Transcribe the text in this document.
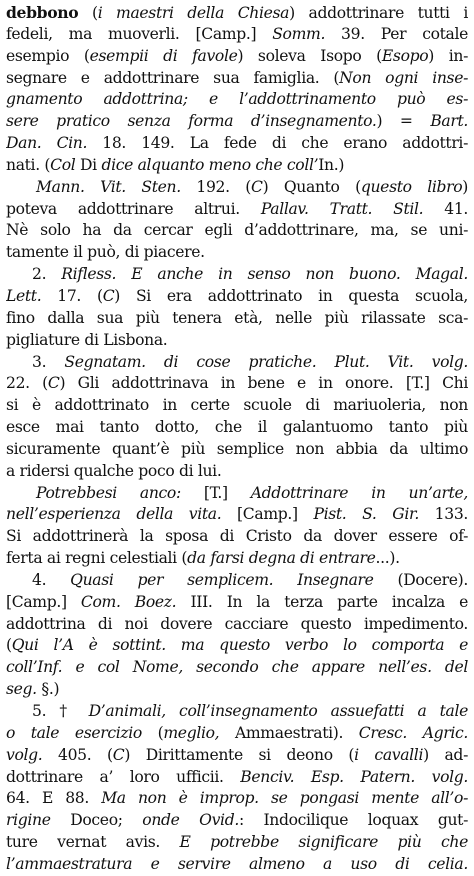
debbono (i maestri della Chiesa) addottrinare tutti i
fedeli, ma muoverli. [Camp.] Somm. 39. Per cotale
esempio (esempii di favole) soleva Isopo (Esopo) in-
segnare e addottrinare sua famiglia. (Non ogni inse-
gnamento addottrina; e l’addottrinamento può es-
sere pratico senza forma d’insegnamento.) = Bart.
Dan. Cin. 18. 149. La fede di che erano addottri-
nati. (Col Di dice alquanto meno che coll’In.)
Mann. Vit. Sten. 192. (C) Quanto (questo libro)
poteva addottrinare altrui. Pallav. Tratt. Stil. 41.
Nè solo ha da cercar egli d’addottrinare, ma, se uni-
tamente il può, di piacere.
2. Rifless. E anche in senso non buono. Magal.
Lett. 17. (C) Si era addottrinato in questa scuola,
fino dalla sua più tenera età, nelle più rilassate sca-
pigliature di Lisbona.
3. Segnatam. di cose pratiche. Plut. Vit. volg.
22. (C) Gli addottrinava in bene e in onore. [T.] Chi
si è addottrinato in certe scuole di mariuoleria, non
esce mai tanto dotto, che il galantuomo tanto più
sicuramente quant’è più semplice non abbia da ultimo
a ridersi qualche poco di lui.
Potrebbesi anco: [T.] Addottrinare in un’arte,
nell’esperienza della vita. [Camp.] Pist. S. Gir. 133.
Si addottrinerà la sposa di Cristo da dover essere of-
ferta ai regni celestiali (da farsi degna di entrare...).
4. Quasi per semplicem. Insegnare (Docere).
[Camp.] Com. Boez. III. In la terza parte incalza e
addottrina di noi dovere cacciare questo impedimento.
(Qui l’A è sottint. ma questo verbo lo comporta e
coll’Inf. e col Nome, secondo che appare nell’es. del
seg. §.)
5. † D’animali, coll’insegnamento assuefatti a tale
o tale esercizio (meglio, Ammaestrati). Cresc. Agric.
volg. 405. (C) Dirittamente si deono (i cavalli) ad-
dottrinare a’ loro ufficii. Benciv. Esp. Patern. volg.
64. E 88. Ma non è improp. se pongasi mente all’o-
rigine Doceo; onde Ovid.: Indocilique loquax gut-
ture vernat avis. E potrebbe significare più che
l’ammaestratura e servire almeno a uso di celia.
